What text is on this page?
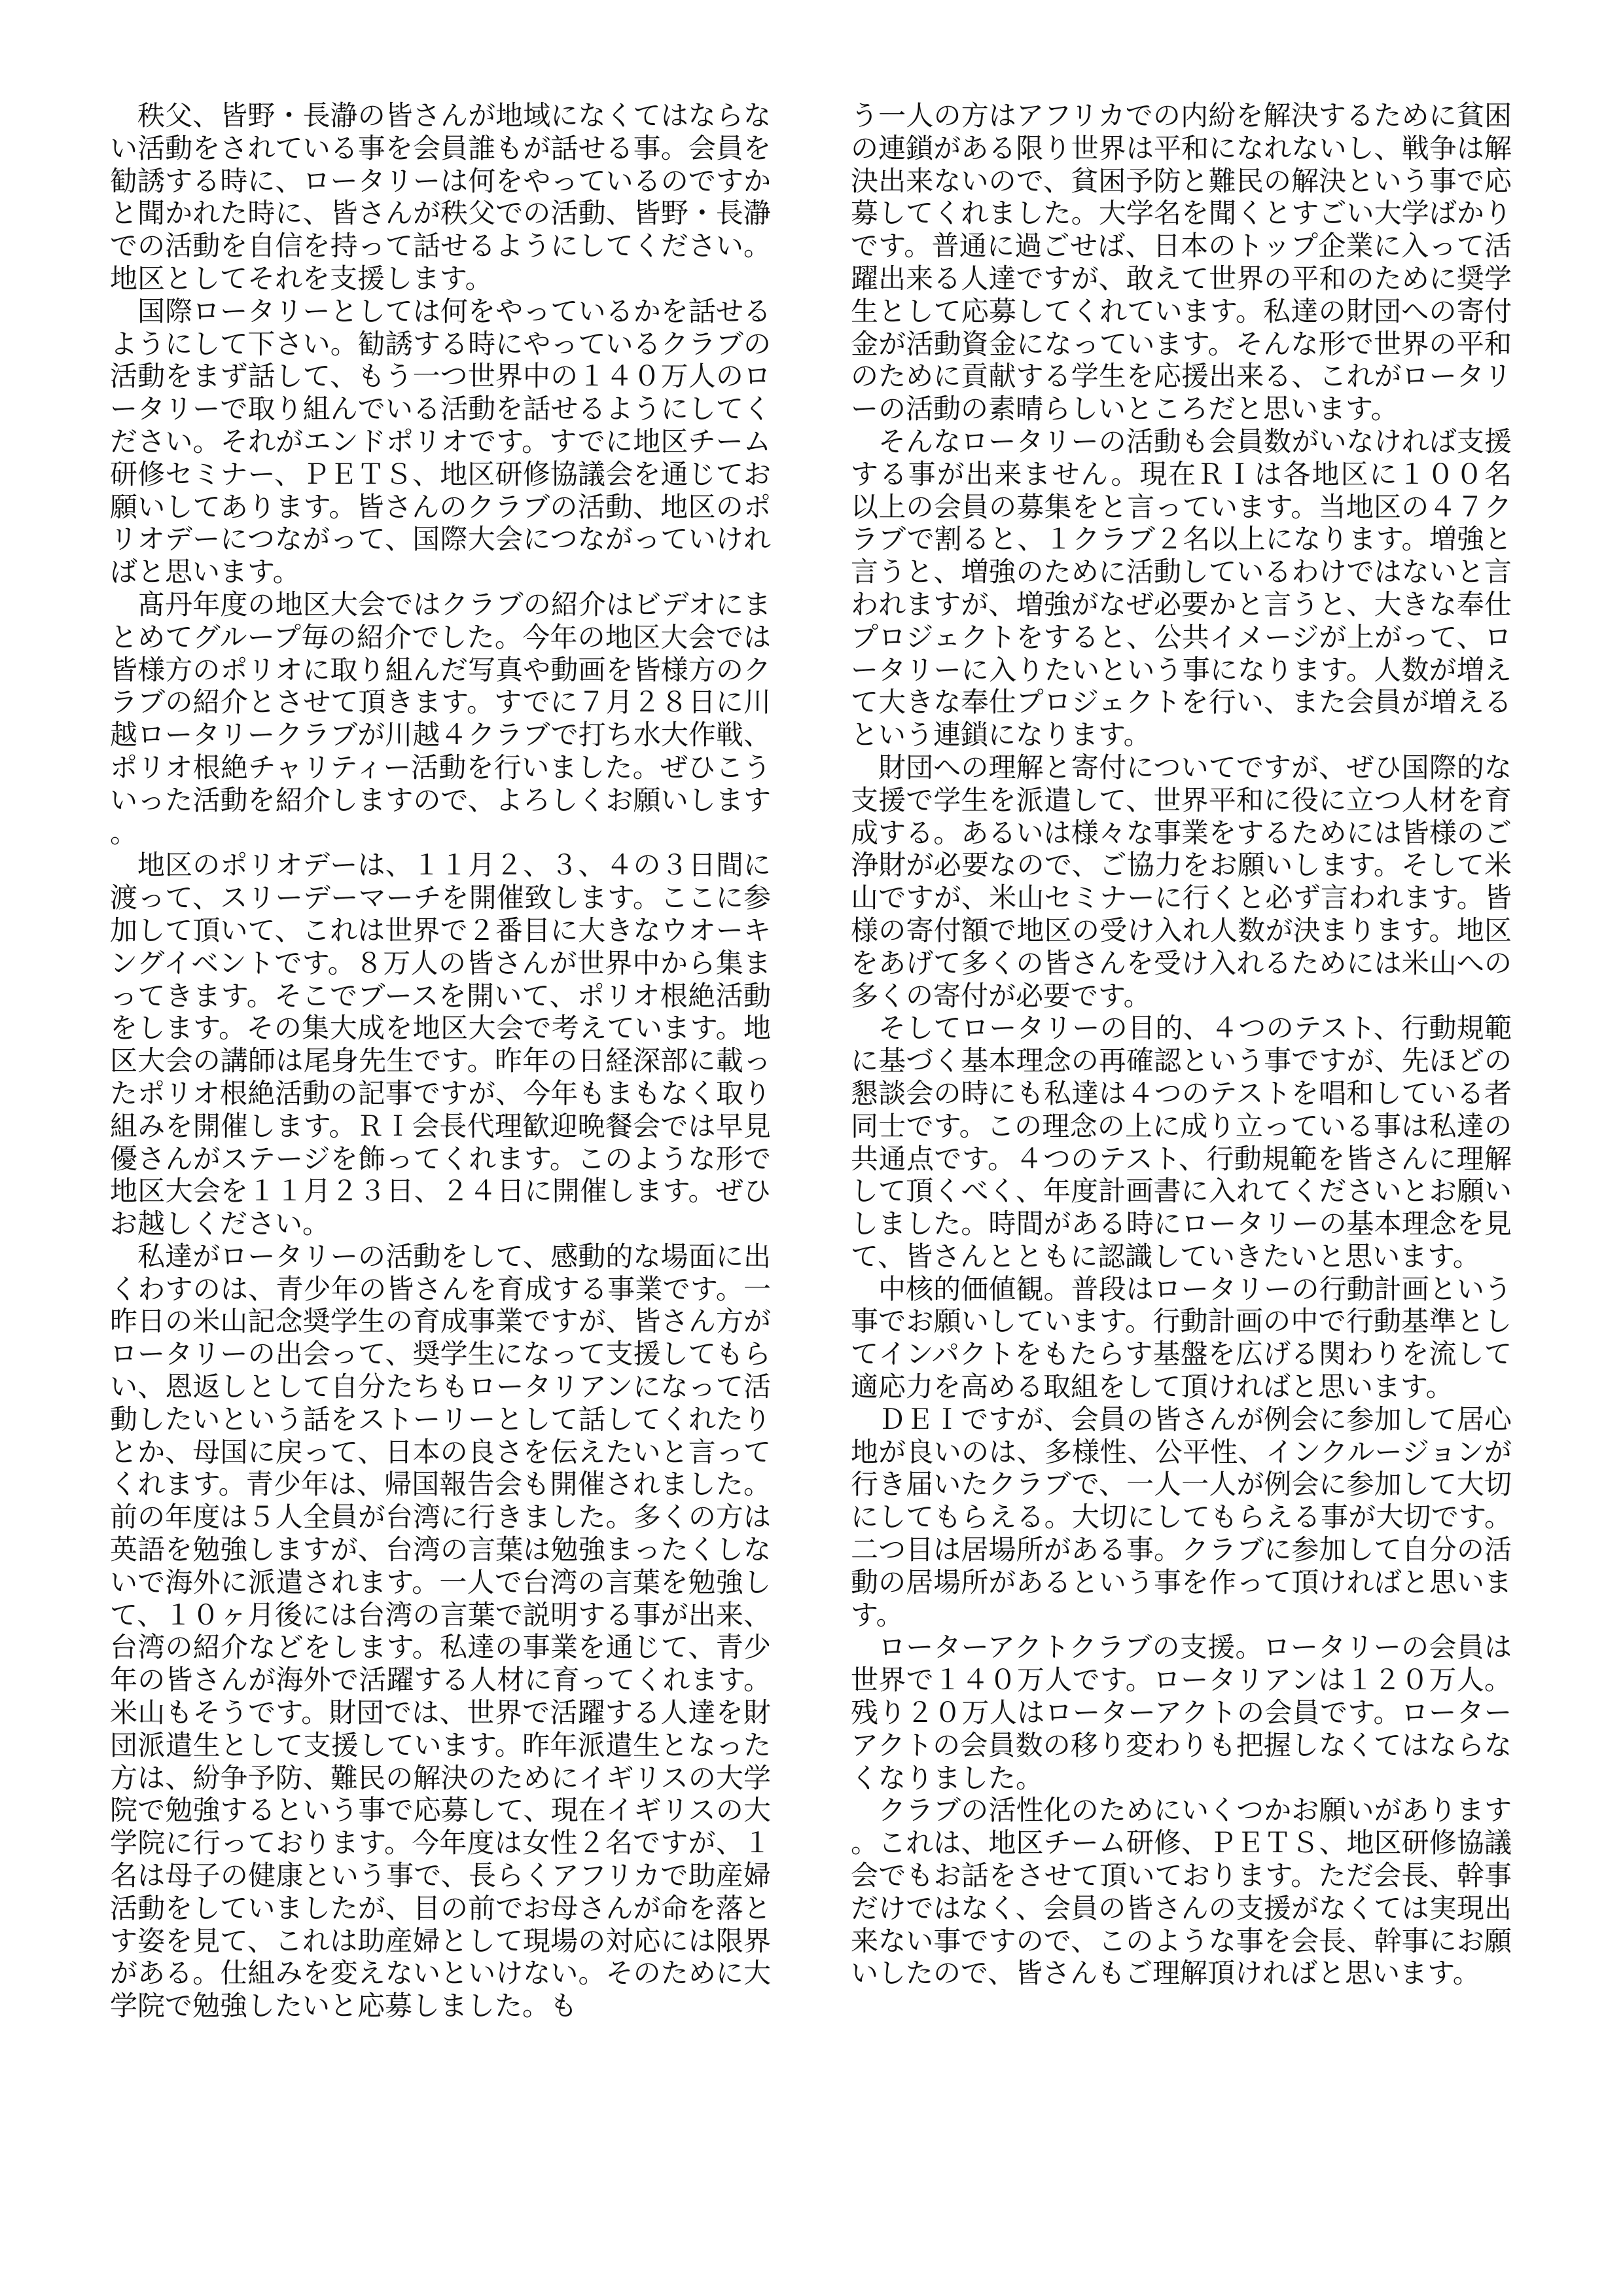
秩父、皆野・長瀞の皆さんが地域になくてはならない活動をされている事を会員誰もが話せる事。会員を勧誘する時に、ロータリーは何をやっているのですかと聞かれた時に、皆さんが秩父での活動、皆野・長瀞での活動を自信を持って話せるようにしてください。地区としてそれを支援します。

国際ロータリーとしては何をやっているかを話せるようにして下さい。勧誘する時にやっているクラブの活動をまず話して、もう一つ世界中の１４０万人のロータリーで取り組んでいる活動を話せるようにしてください。それがエンドポリオです。すでに地区チーム研修セミナー、ＰＥＴＳ、地区研修協議会を通じてお願いしてあります。皆さんのクラブの活動、地区のポリオデーにつながって、国際大会につながっていければと思います。

髙丹年度の地区大会ではクラブの紹介はビデオにまとめてグループ毎の紹介でした。今年の地区大会では皆様方のポリオに取り組んだ写真や動画を皆様方のクラブの紹介とさせて頂きます。すでに７月２８日に川越ロータリークラブが川越４クラブで打ち水大作戦、ポリオ根絶チャリティー活動を行いました。ぜひこういった活動を紹介しますので、よろしくお願いします。

地区のポリオデーは、１１月２、３、４の３日間に渡って、スリーデーマーチを開催致します。ここに参加して頂いて、これは世界で２番目に大きなウオーキングイベントです。８万人の皆さんが世界中から集まってきます。そこでブースを開いて、ポリオ根絶活動をします。その集大成を地区大会で考えています。地区大会の講師は尾身先生です。昨年の日経深部に載ったポリオ根絶活動の記事ですが、今年もまもなく取り組みを開催します。ＲＩ会長代理歓迎晩餐会では早見優さんがステージを飾ってくれます。このような形で地区大会を１１月２３日、２４日に開催します。ぜひお越しください。

私達がロータリーの活動をして、感動的な場面に出くわすのは、青少年の皆さんを育成する事業です。一昨日の米山記念奨学生の育成事業ですが、皆さん方がロータリーの出会って、奨学生になって支援してもらい、恩返しとして自分たちもロータリアンになって活動したいという話をストーリーとして話してくれたりとか、母国に戻って、日本の良さを伝えたいと言ってくれます。青少年は、帰国報告会も開催されました。前の年度は５人全員が台湾に行きました。多くの方は英語を勉強しますが、台湾の言葉は勉強まったくしないで海外に派遣されます。一人で台湾の言葉を勉強して、１０ヶ月後には台湾の言葉で説明する事が出来、台湾の紹介などをします。私達の事業を通じて、青少年の皆さんが海外で活躍する人材に育ってくれます。米山もそうです。財団では、世界で活躍する人達を財団派遣生として支援しています。昨年派遣生となった方は、紛争予防、難民の解決のためにイギリスの大学院で勉強するという事で応募して、現在イギリスの大学院に行っております。今年度は女性２名ですが、１名は母子の健康という事で、長らくアフリカで助産婦活動をしていましたが、目の前でお母さんが命を落とす姿を見て、これは助産婦として現場の対応には限界がある。仕組みを変えないといけない。そのために大学院で勉強したいと応募しました。も

う一人の方はアフリカでの内紛を解決するために貧困の連鎖がある限り世界は平和になれないし、戦争は解決出来ないので、貧困予防と難民の解決という事で応募してくれました。大学名を聞くとすごい大学ばかりです。普通に過ごせば、日本のトップ企業に入って活躍出来る人達ですが、敢えて世界の平和のために奨学生として応募してくれています。私達の財団への寄付金が活動資金になっています。そんな形で世界の平和のために貢献する学生を応援出来る、これがロータリーの活動の素晴らしいところだと思います。

そんなロータリーの活動も会員数がいなければ支援する事が出来ません。現在ＲＩは各地区に１００名以上の会員の募集をと言っています。当地区の４７クラブで割ると、１クラブ２名以上になります。増強と言うと、増強のために活動しているわけではないと言われますが、増強がなぜ必要かと言うと、大きな奉仕プロジェクトをすると、公共イメージが上がって、ロータリーに入りたいという事になります。人数が増えて大きな奉仕プロジェクトを行い、また会員が増えるという連鎖になります。

財団への理解と寄付についてですが、ぜひ国際的な支援で学生を派遣して、世界平和に役に立つ人材を育成する。あるいは様々な事業をするためには皆様のご浄財が必要なので、ご協力をお願いします。そして米山ですが、米山セミナーに行くと必ず言われます。皆様の寄付額で地区の受け入れ人数が決まります。地区をあげて多くの皆さんを受け入れるためには米山への多くの寄付が必要です。

そしてロータリーの目的、４つのテスト、行動規範に基づく基本理念の再確認という事ですが、先ほどの懇談会の時にも私達は４つのテストを唱和している者同士です。この理念の上に成り立っている事は私達の共通点です。４つのテスト、行動規範を皆さんに理解して頂くべく、年度計画書に入れてくださいとお願いしました。時間がある時にロータリーの基本理念を見て、皆さんとともに認識していきたいと思います。

中核的価値観。普段はロータリーの行動計画という事でお願いしています。行動計画の中で行動基準としてインパクトをもたらす基盤を広げる関わりを流して適応力を高める取組をして頂ければと思います。

ＤＥＩですが、会員の皆さんが例会に参加して居心地が良いのは、多様性、公平性、インクルージョンが行き届いたクラブで、一人一人が例会に参加して大切にしてもらえる。大切にしてもらえる事が大切です。二つ目は居場所がある事。クラブに参加して自分の活動の居場所があるという事を作って頂ければと思います。

ローターアクトクラブの支援。ロータリーの会員は世界で１４０万人です。ロータリアンは１２０万人。残り２０万人はローターアクトの会員です。ローターアクトの会員数の移り変わりも把握しなくてはならなくなりました。

クラブの活性化のためにいくつかお願いがあります。これは、地区チーム研修、ＰＥＴＳ、地区研修協議会でもお話をさせて頂いております。ただ会長、幹事だけではなく、会員の皆さんの支援がなくては実現出来ない事ですので、このような事を会長、幹事にお願いしたので、皆さんもご理解頂ければと思います。
